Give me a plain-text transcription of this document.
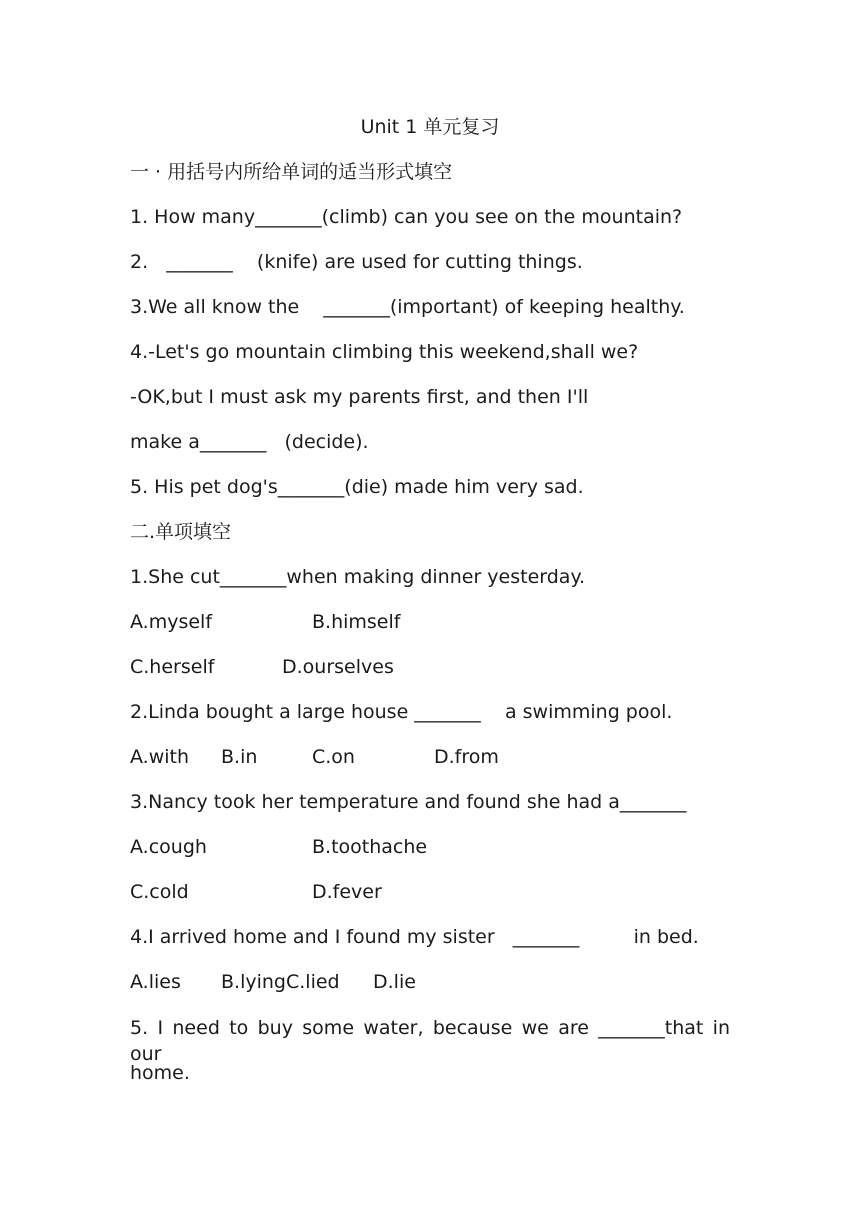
Unit 1 单元复习
一 · 用括号内所给单词的适当形式填空
1. How many_______(climb) can you see on the mountain?
2.   _______    (knife) are used for cutting things.
3.We all know the    _______(important) of keeping healthy.
4.-Let's go mountain climbing this weekend,shall we?
-OK,but I must ask my parents first, and then I'll
make a_______   (decide).
5. His pet dog's_______(die) made him very sad.
二.单项填空
1.She cut_______when making dinner yesterday.
A.myself	B.himself
C.herself	D.ourselves
2.Linda bought a large house _______    a swimming pool.
A.with B.in	C.on	D.from
3.Nancy took her temperature and found she had a_______
A.cough	B.toothache
C.cold	D.fever
4.I arrived home and I found my sister   _______         in bed.
A.lies B.lying C.lied D.lie
5. I need to buy some water, because we are _______that in our
home.
